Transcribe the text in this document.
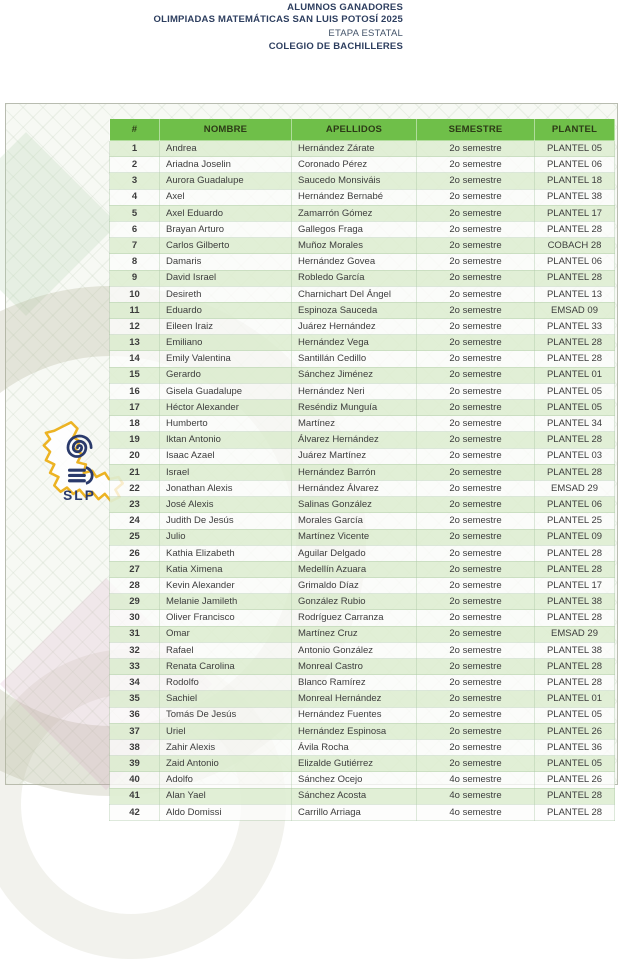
ALUMNOS GANADORES
OLIMPIADAS MATEMÁTICAS SAN LUIS POTOSÍ 2025
ETAPA ESTATAL
COLEGIO DE BACHILLERES
SLP
#	NOMBRE	APELLIDOS	SEMESTRE	PLANTEL
1	Andrea	Hernández Zárate	2o semestre	PLANTEL 05
2	Ariadna Joselin	Coronado Pérez	2o semestre	PLANTEL 06
3	Aurora Guadalupe	Saucedo Monsiváis	2o semestre	PLANTEL 18
4	Axel	Hernández Bernabé	2o semestre	PLANTEL 38
5	Axel Eduardo	Zamarrón Gómez	2o semestre	PLANTEL 17
6	Brayan Arturo	Gallegos Fraga	2o semestre	PLANTEL 28
7	Carlos Gilberto	Muñoz Morales	2o semestre	COBACH 28
8	Damaris	Hernández Govea	2o semestre	PLANTEL 06
9	David Israel	Robledo García	2o semestre	PLANTEL 28
10	Desireth	Charnichart Del Ángel	2o semestre	PLANTEL 13
11	Eduardo	Espinoza Sauceda	2o semestre	EMSAD 09
12	Eileen Iraiz	Juárez Hernández	2o semestre	PLANTEL 33
13	Emiliano	Hernández Vega	2o semestre	PLANTEL 28
14	Emily Valentina	Santillán Cedillo	2o semestre	PLANTEL 28
15	Gerardo	Sánchez Jiménez	2o semestre	PLANTEL 01
16	Gisela Guadalupe	Hernández Neri	2o semestre	PLANTEL 05
17	Héctor Alexander	Reséndiz Munguía	2o semestre	PLANTEL 05
18	Humberto	Martínez	2o semestre	PLANTEL 34
19	Iktan Antonio	Álvarez Hernández	2o semestre	PLANTEL 28
20	Isaac Azael	Juárez Martínez	2o semestre	PLANTEL 03
21	Israel	Hernández Barrón	2o semestre	PLANTEL 28
22	Jonathan Alexis	Hernández Álvarez	2o semestre	EMSAD 29
23	José Alexis	Salinas González	2o semestre	PLANTEL 06
24	Judith De Jesús	Morales García	2o semestre	PLANTEL 25
25	Julio	Martínez Vicente	2o semestre	PLANTEL 09
26	Kathia Elizabeth	Aguilar Delgado	2o semestre	PLANTEL 28
27	Katia Ximena	Medellín Azuara	2o semestre	PLANTEL 28
28	Kevin Alexander	Grimaldo Díaz	2o semestre	PLANTEL 17
29	Melanie Jamileth	González Rubio	2o semestre	PLANTEL 38
30	Oliver Francisco	Rodríguez Carranza	2o semestre	PLANTEL 28
31	Omar	Martínez Cruz	2o semestre	EMSAD 29
32	Rafael	Antonio González	2o semestre	PLANTEL 38
33	Renata Carolina	Monreal Castro	2o semestre	PLANTEL 28
34	Rodolfo	Blanco Ramírez	2o semestre	PLANTEL 28
35	Sachiel	Monreal Hernández	2o semestre	PLANTEL 01
36	Tomás De Jesús	Hernández Fuentes	2o semestre	PLANTEL 05
37	Uriel	Hernández Espinosa	2o semestre	PLANTEL 26
38	Zahir Alexis	Ávila Rocha	2o semestre	PLANTEL 36
39	Zaid Antonio	Elizalde Gutiérrez	2o semestre	PLANTEL 05
40	Adolfo	Sánchez Ocejo	4o semestre	PLANTEL 26
41	Alan Yael	Sánchez Acosta	4o semestre	PLANTEL 28
42	Aldo Domissi	Carrillo Arriaga	4o semestre	PLANTEL 28
